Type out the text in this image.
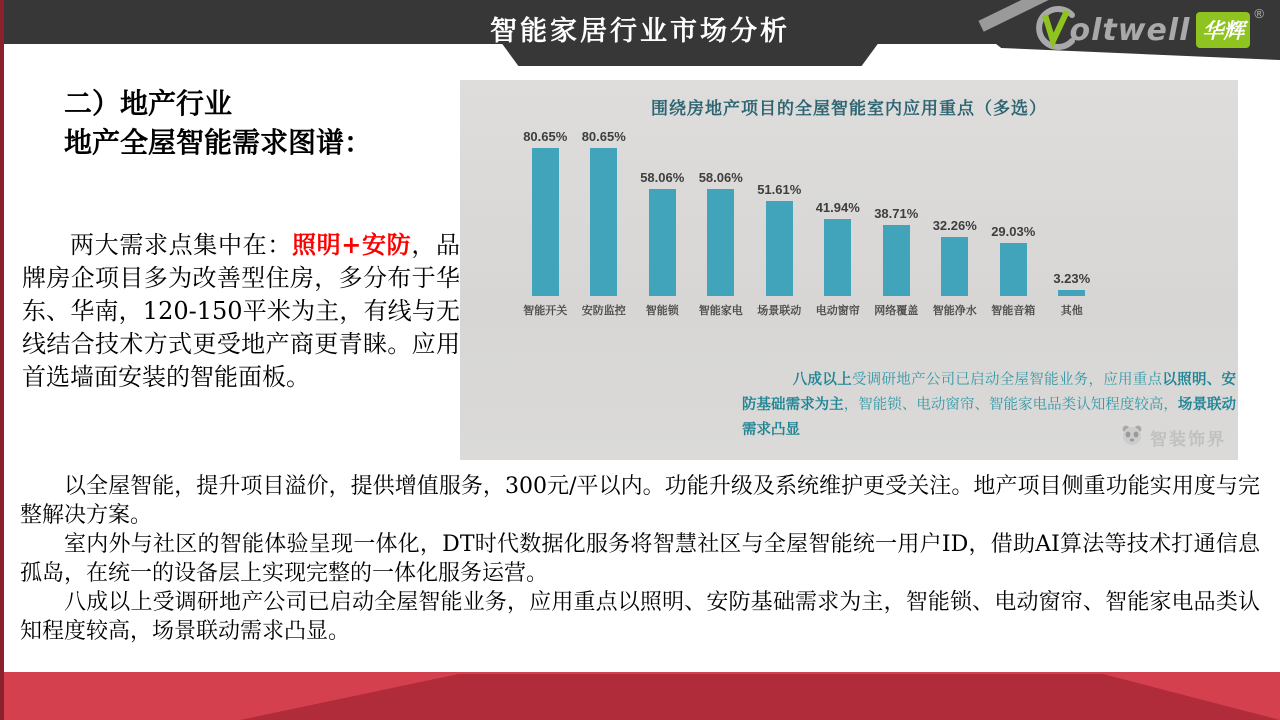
智能家居行业市场分析	oltwell 华辉
®
二）地产行业
地产全屋智能需求图谱：
两大需求点集中在：照明+安防，品牌房企项目多为改善型住房，多分布于华东、华南，120-150平米为主，有线与无线结合技术方式更受地产商更青睐。应用首选墙面安装的智能面板。
围绕房地产项目的全屋智能室内应用重点（多选）
80.65% 80.65%
58.06% 58.06%
51.61%
41.94% 38.71%
32.26% 29.03%
3.23%
智能开关	安防监控	智能锁	智能家电	场景联动	电动窗帘	网络覆盖	智能净水	智能音箱	其他
八成以上受调研地产公司已启动全屋智能业务，应用重点以照明、安防基础需求为主，智能锁、电动窗帘、智能家电品类认知程度较高，场景联动需求凸显	智装饰界

以全屋智能，提升项目溢价，提供增值服务，300元/平以内。功能升级及系统维护更受关注。地产项目侧重功能实用度与完整解决方案。

室内外与社区的智能体验呈现一体化，DT时代数据化服务将智慧社区与全屋智能统一用户ID，借助AI算法等技术打通信息孤岛，在统一的设备层上实现完整的一体化服务运营。

八成以上受调研地产公司已启动全屋智能业务，应用重点以照明、安防基础需求为主，智能锁、电动窗帘、智能家电品类认知程度较高，场景联动需求凸显。
